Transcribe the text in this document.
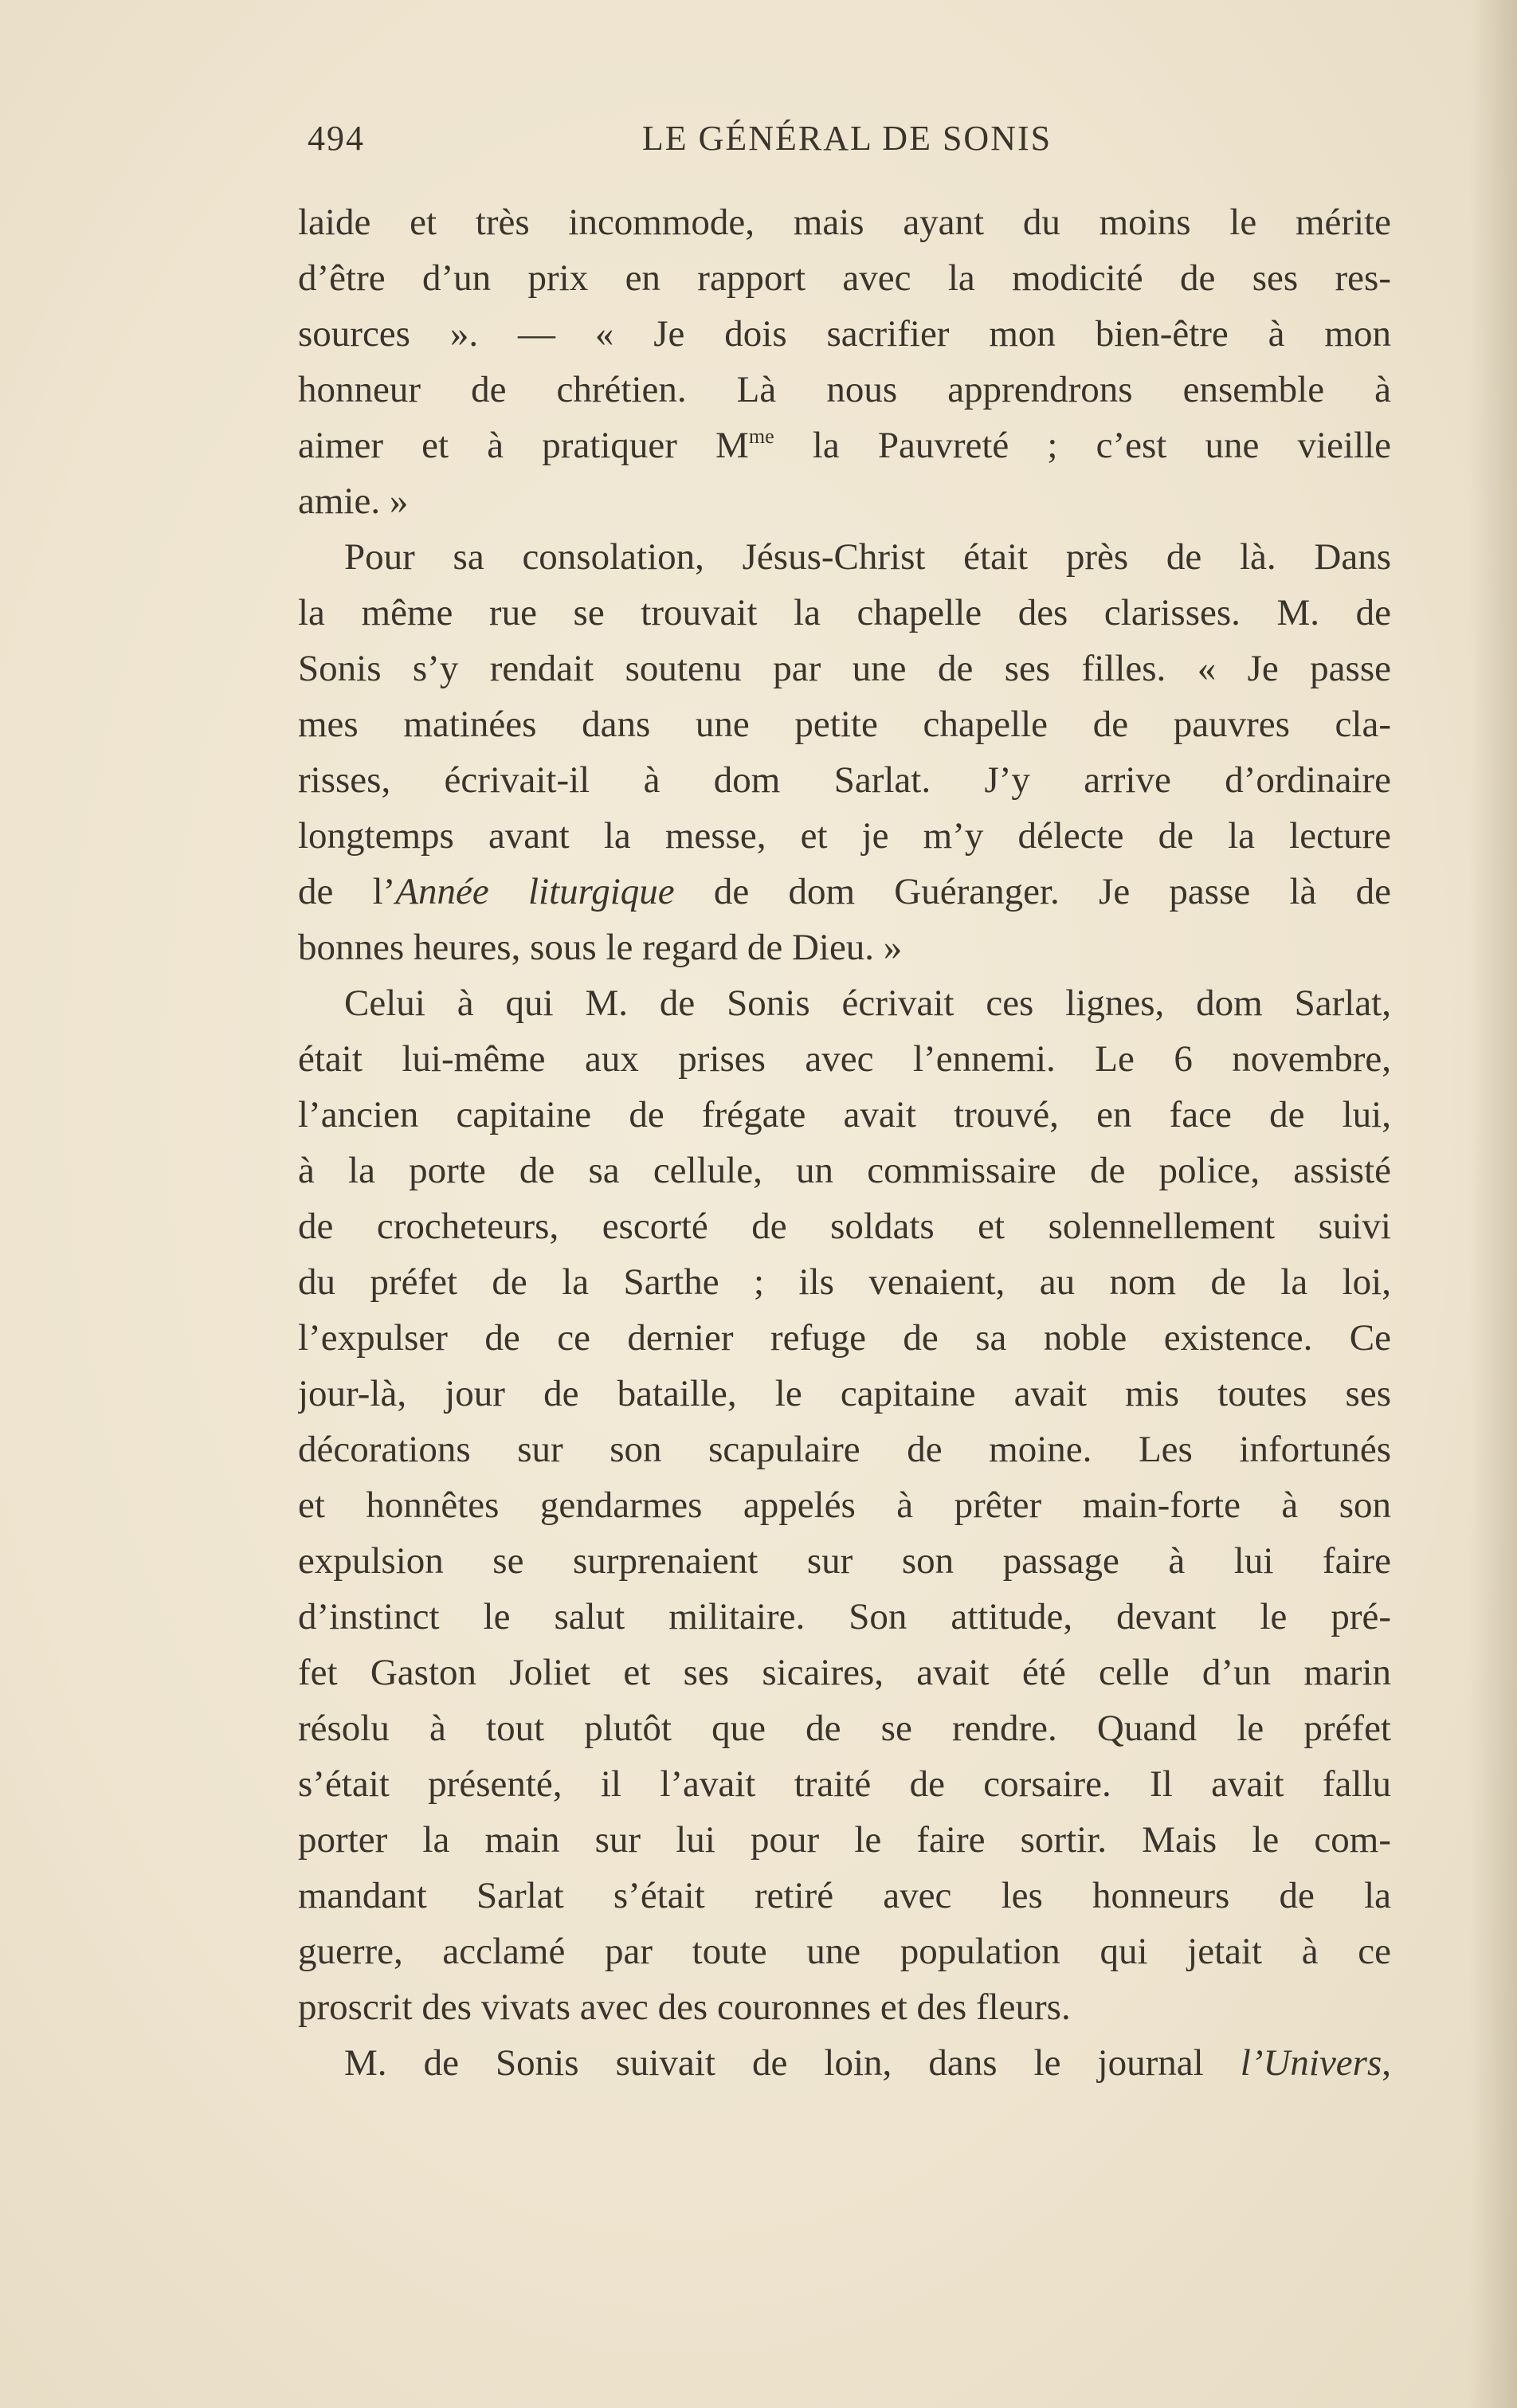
494	LE GÉNÉRAL DE SONIS
laide et très incommode, mais ayant du moins le mérite
d’être d’un prix en rapport avec la modicité de ses res-
sources ». — « Je dois sacrifier mon bien-être à mon
honneur de chrétien. Là nous apprendrons ensemble à
aimer et à pratiquer $M^{me}$ la Pauvreté ; c’est une vieille
amie. »
Pour sa consolation, Jésus-Christ était près de là. Dans
la même rue se trouvait la chapelle des clarisses. M. de
Sonis s’y rendait soutenu par une de ses filles. « Je passe
mes matinées dans une petite chapelle de pauvres cla-
risses, écrivait-il à dom Sarlat. J’y arrive d’ordinaire
longtemps avant la messe, et je m’y délecte de la lecture
de l’Année liturgique de dom Guéranger. Je passe là de
bonnes heures, sous le regard de Dieu. »
Celui à qui M. de Sonis écrivait ces lignes, dom Sarlat,
était lui-même aux prises avec l’ennemi. Le 6 novembre,
l’ancien capitaine de frégate avait trouvé, en face de lui,
à la porte de sa cellule, un commissaire de police, assisté
de crocheteurs, escorté de soldats et solennellement suivi
du préfet de la Sarthe ; ils venaient, au nom de la loi,
l’expulser de ce dernier refuge de sa noble existence. Ce
jour-là, jour de bataille, le capitaine avait mis toutes ses
décorations sur son scapulaire de moine. Les infortunés
et honnêtes gendarmes appelés à prêter main-forte à son
expulsion se surprenaient sur son passage à lui faire
d’instinct le salut militaire. Son attitude, devant le pré-
fet Gaston Joliet et ses sicaires, avait été celle d’un marin
résolu à tout plutôt que de se rendre. Quand le préfet
s’était présenté, il l’avait traité de corsaire. Il avait fallu
porter la main sur lui pour le faire sortir. Mais le com-
mandant Sarlat s’était retiré avec les honneurs de la
guerre, acclamé par toute une population qui jetait à ce
proscrit des vivats avec des couronnes et des fleurs.
M. de Sonis suivait de loin, dans le journal l’Univers,
